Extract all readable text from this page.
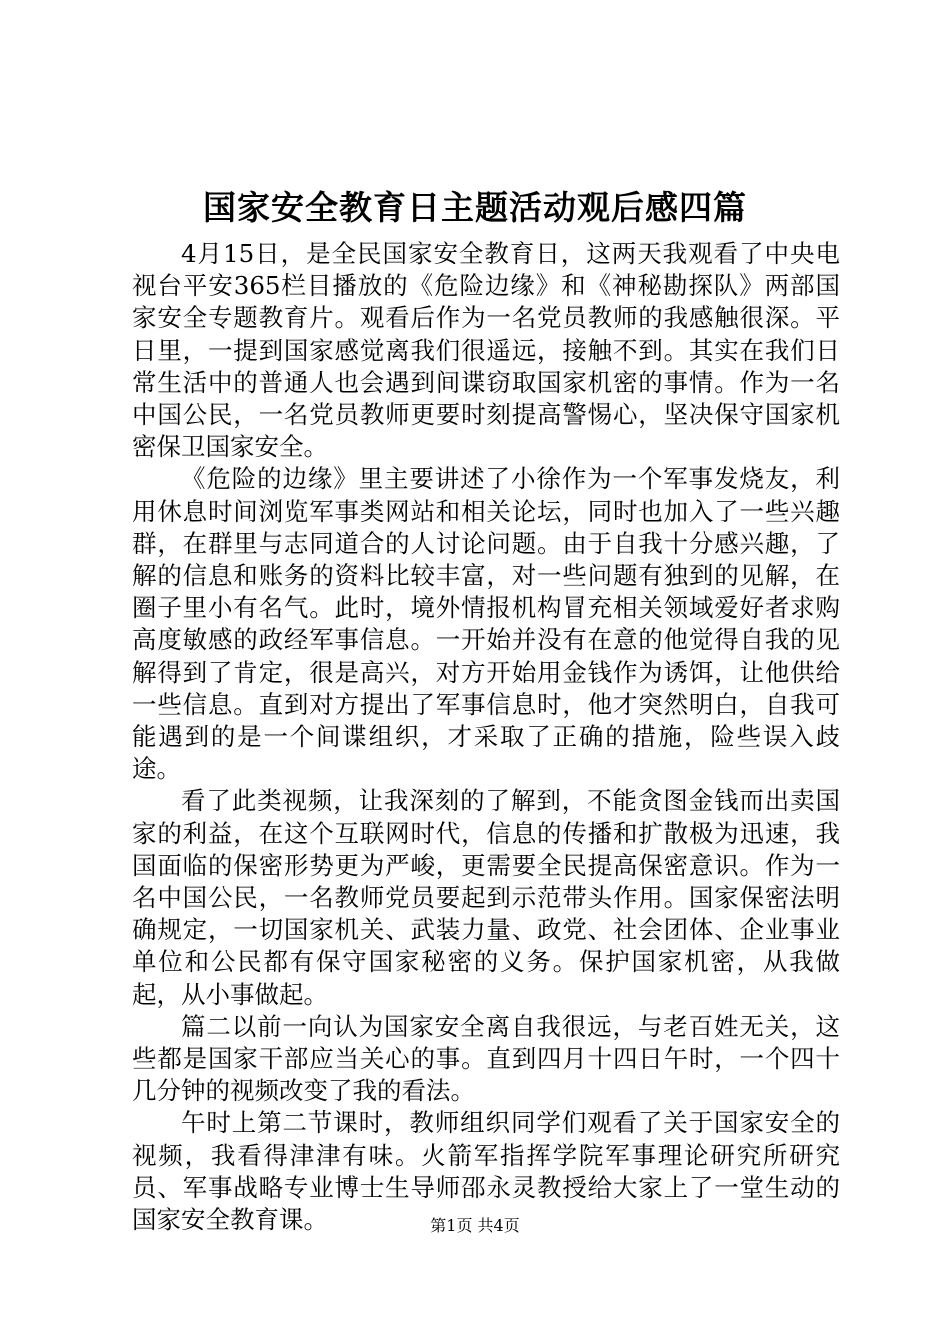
国家安全教育日主题活动观后感四篇

4月15日，是全民国家安全教育日，这两天我观看了中央电视台平安365栏目播放的《危险边缘》和《神秘勘探队》两部国家安全专题教育片。观看后作为一名党员教师的我感触很深。平日里，一提到国家感觉离我们很遥远，接触不到。其实在我们日常生活中的普通人也会遇到间谍窃取国家机密的事情。作为一名中国公民，一名党员教师更要时刻提高警惕心，坚决保守国家机密保卫国家安全。

《危险的边缘》里主要讲述了小徐作为一个军事发烧友，利用休息时间浏览军事类网站和相关论坛，同时也加入了一些兴趣群，在群里与志同道合的人讨论问题。由于自我十分感兴趣，了解的信息和账务的资料比较丰富，对一些问题有独到的见解，在圈子里小有名气。此时，境外情报机构冒充相关领域爱好者求购高度敏感的政经军事信息。一开始并没有在意的他觉得自我的见解得到了肯定，很是高兴，对方开始用金钱作为诱饵，让他供给一些信息。直到对方提出了军事信息时，他才突然明白，自我可能遇到的是一个间谍组织，才采取了正确的措施，险些误入歧途。

看了此类视频，让我深刻的了解到，不能贪图金钱而出卖国家的利益，在这个互联网时代，信息的传播和扩散极为迅速，我国面临的保密形势更为严峻，更需要全民提高保密意识。作为一名中国公民，一名教师党员要起到示范带头作用。国家保密法明确规定，一切国家机关、武装力量、政党、社会团体、企业事业单位和公民都有保守国家秘密的义务。保护国家机密，从我做起，从小事做起。

篇二以前一向认为国家安全离自我很远，与老百姓无关，这些都是国家干部应当关心的事。直到四月十四日午时，一个四十几分钟的视频改变了我的看法。

午时上第二节课时，教师组织同学们观看了关于国家安全的视频，我看得津津有味。火箭军指挥学院军事理论研究所研究员、军事战略专业博士生导师邵永灵教授给大家上了一堂生动的国家安全教育课。	第1页 共4页
